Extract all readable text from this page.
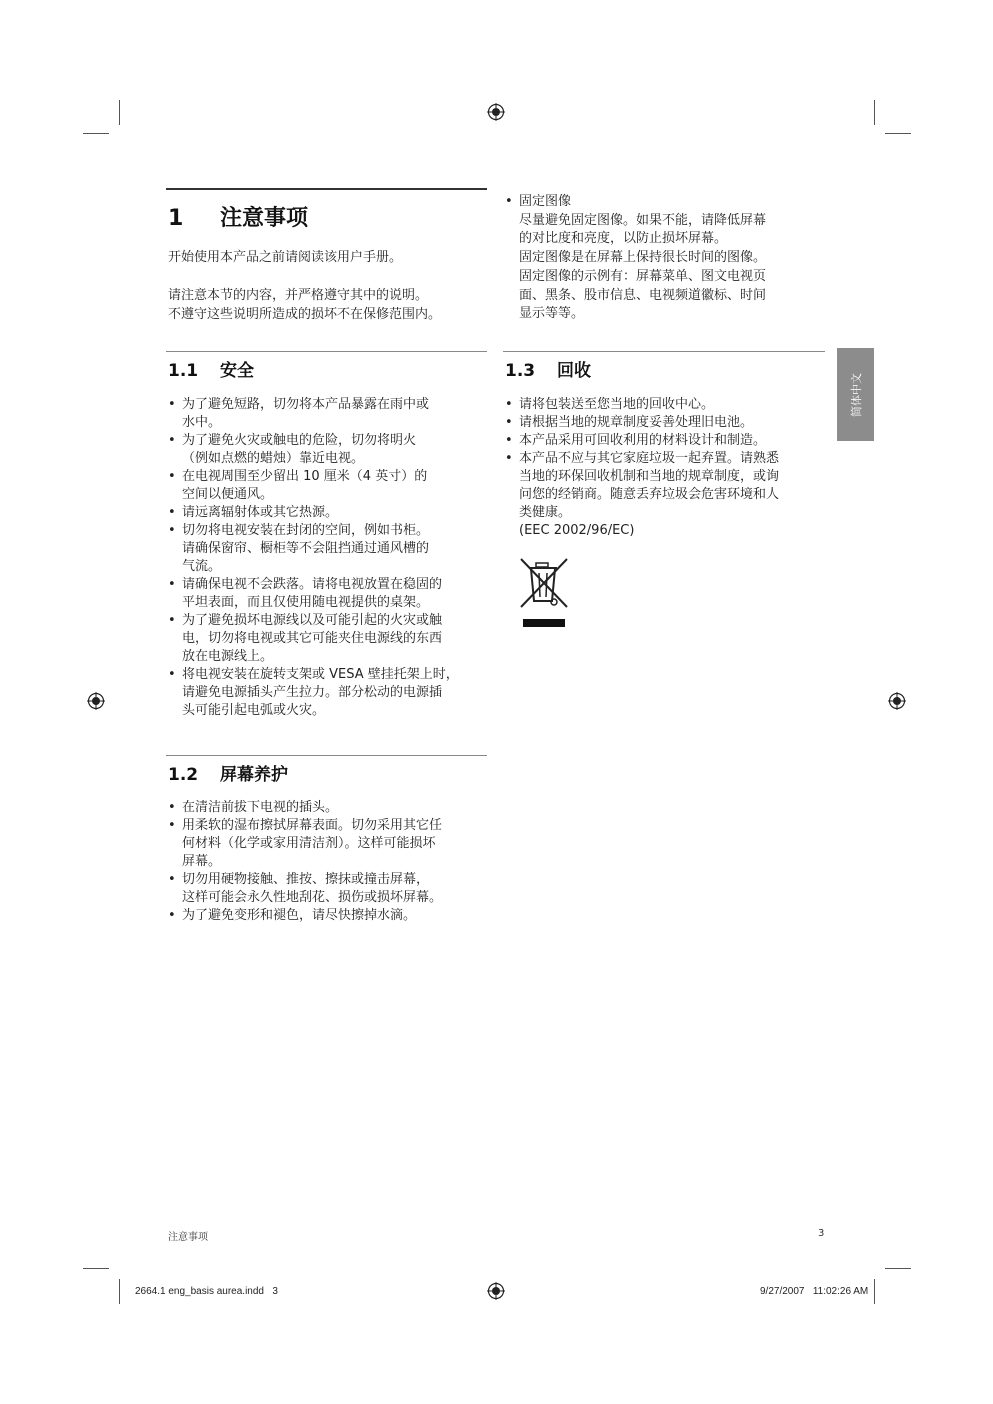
1 注意事项
开始使用本产品之前请阅读该用户手册。
请注意本节的内容，并严格遵守其中的说明。
不遵守这些说明所造成的损坏不在保修范围内。
1.1 安全
• 为了避免短路，切勿将本产品暴露在雨中或
水中。
• 为了避免火灾或触电的危险，切勿将明火
（例如点燃的蜡烛）靠近电视。
• 在电视周围至少留出 10 厘米（4 英寸）的
空间以便通风。
• 请远离辐射体或其它热源。
• 切勿将电视安装在封闭的空间，例如书柜。
请确保窗帘、橱柜等不会阻挡通过通风槽的
气流。
• 请确保电视不会跌落。请将电视放置在稳固的
平坦表面，而且仅使用随电视提供的桌架。
• 为了避免损坏电源线以及可能引起的火灾或触
电，切勿将电视或其它可能夹住电源线的东西
放在电源线上。
• 将电视安装在旋转支架或 VESA 壁挂托架上时，
请避免电源插头产生拉力。部分松动的电源插
头可能引起电弧或火灾。
1.2 屏幕养护
• 在清洁前拔下电视的插头。
• 用柔软的湿布擦拭屏幕表面。切勿采用其它任
何材料（化学或家用清洁剂）。这样可能损坏
屏幕。
• 切勿用硬物接触、推按、擦抹或撞击屏幕，
这样可能会永久性地刮花、损伤或损坏屏幕。
• 为了避免变形和褪色，请尽快擦掉水滴。
• 固定图像
尽量避免固定图像。如果不能，请降低屏幕
的对比度和亮度，以防止损坏屏幕。
固定图像是在屏幕上保持很长时间的图像。
固定图像的示例有：屏幕菜单、图文电视页
面、黑条、股市信息、电视频道徽标、时间
显示等等。
1.3 回收
• 请将包装送至您当地的回收中心。
• 请根据当地的规章制度妥善处理旧电池。
• 本产品采用可回收利用的材料设计和制造。
• 本产品不应与其它家庭垃圾一起弃置。请熟悉
当地的环保回收机制和当地的规章制度，或询
问您的经销商。随意丢弃垃圾会危害环境和人
类健康。
(EEC 2002/96/EC)
简体中文
注意事项	3
2664.1 eng_basis aurea.indd   3	9/27/2007   11:02:26 AM
